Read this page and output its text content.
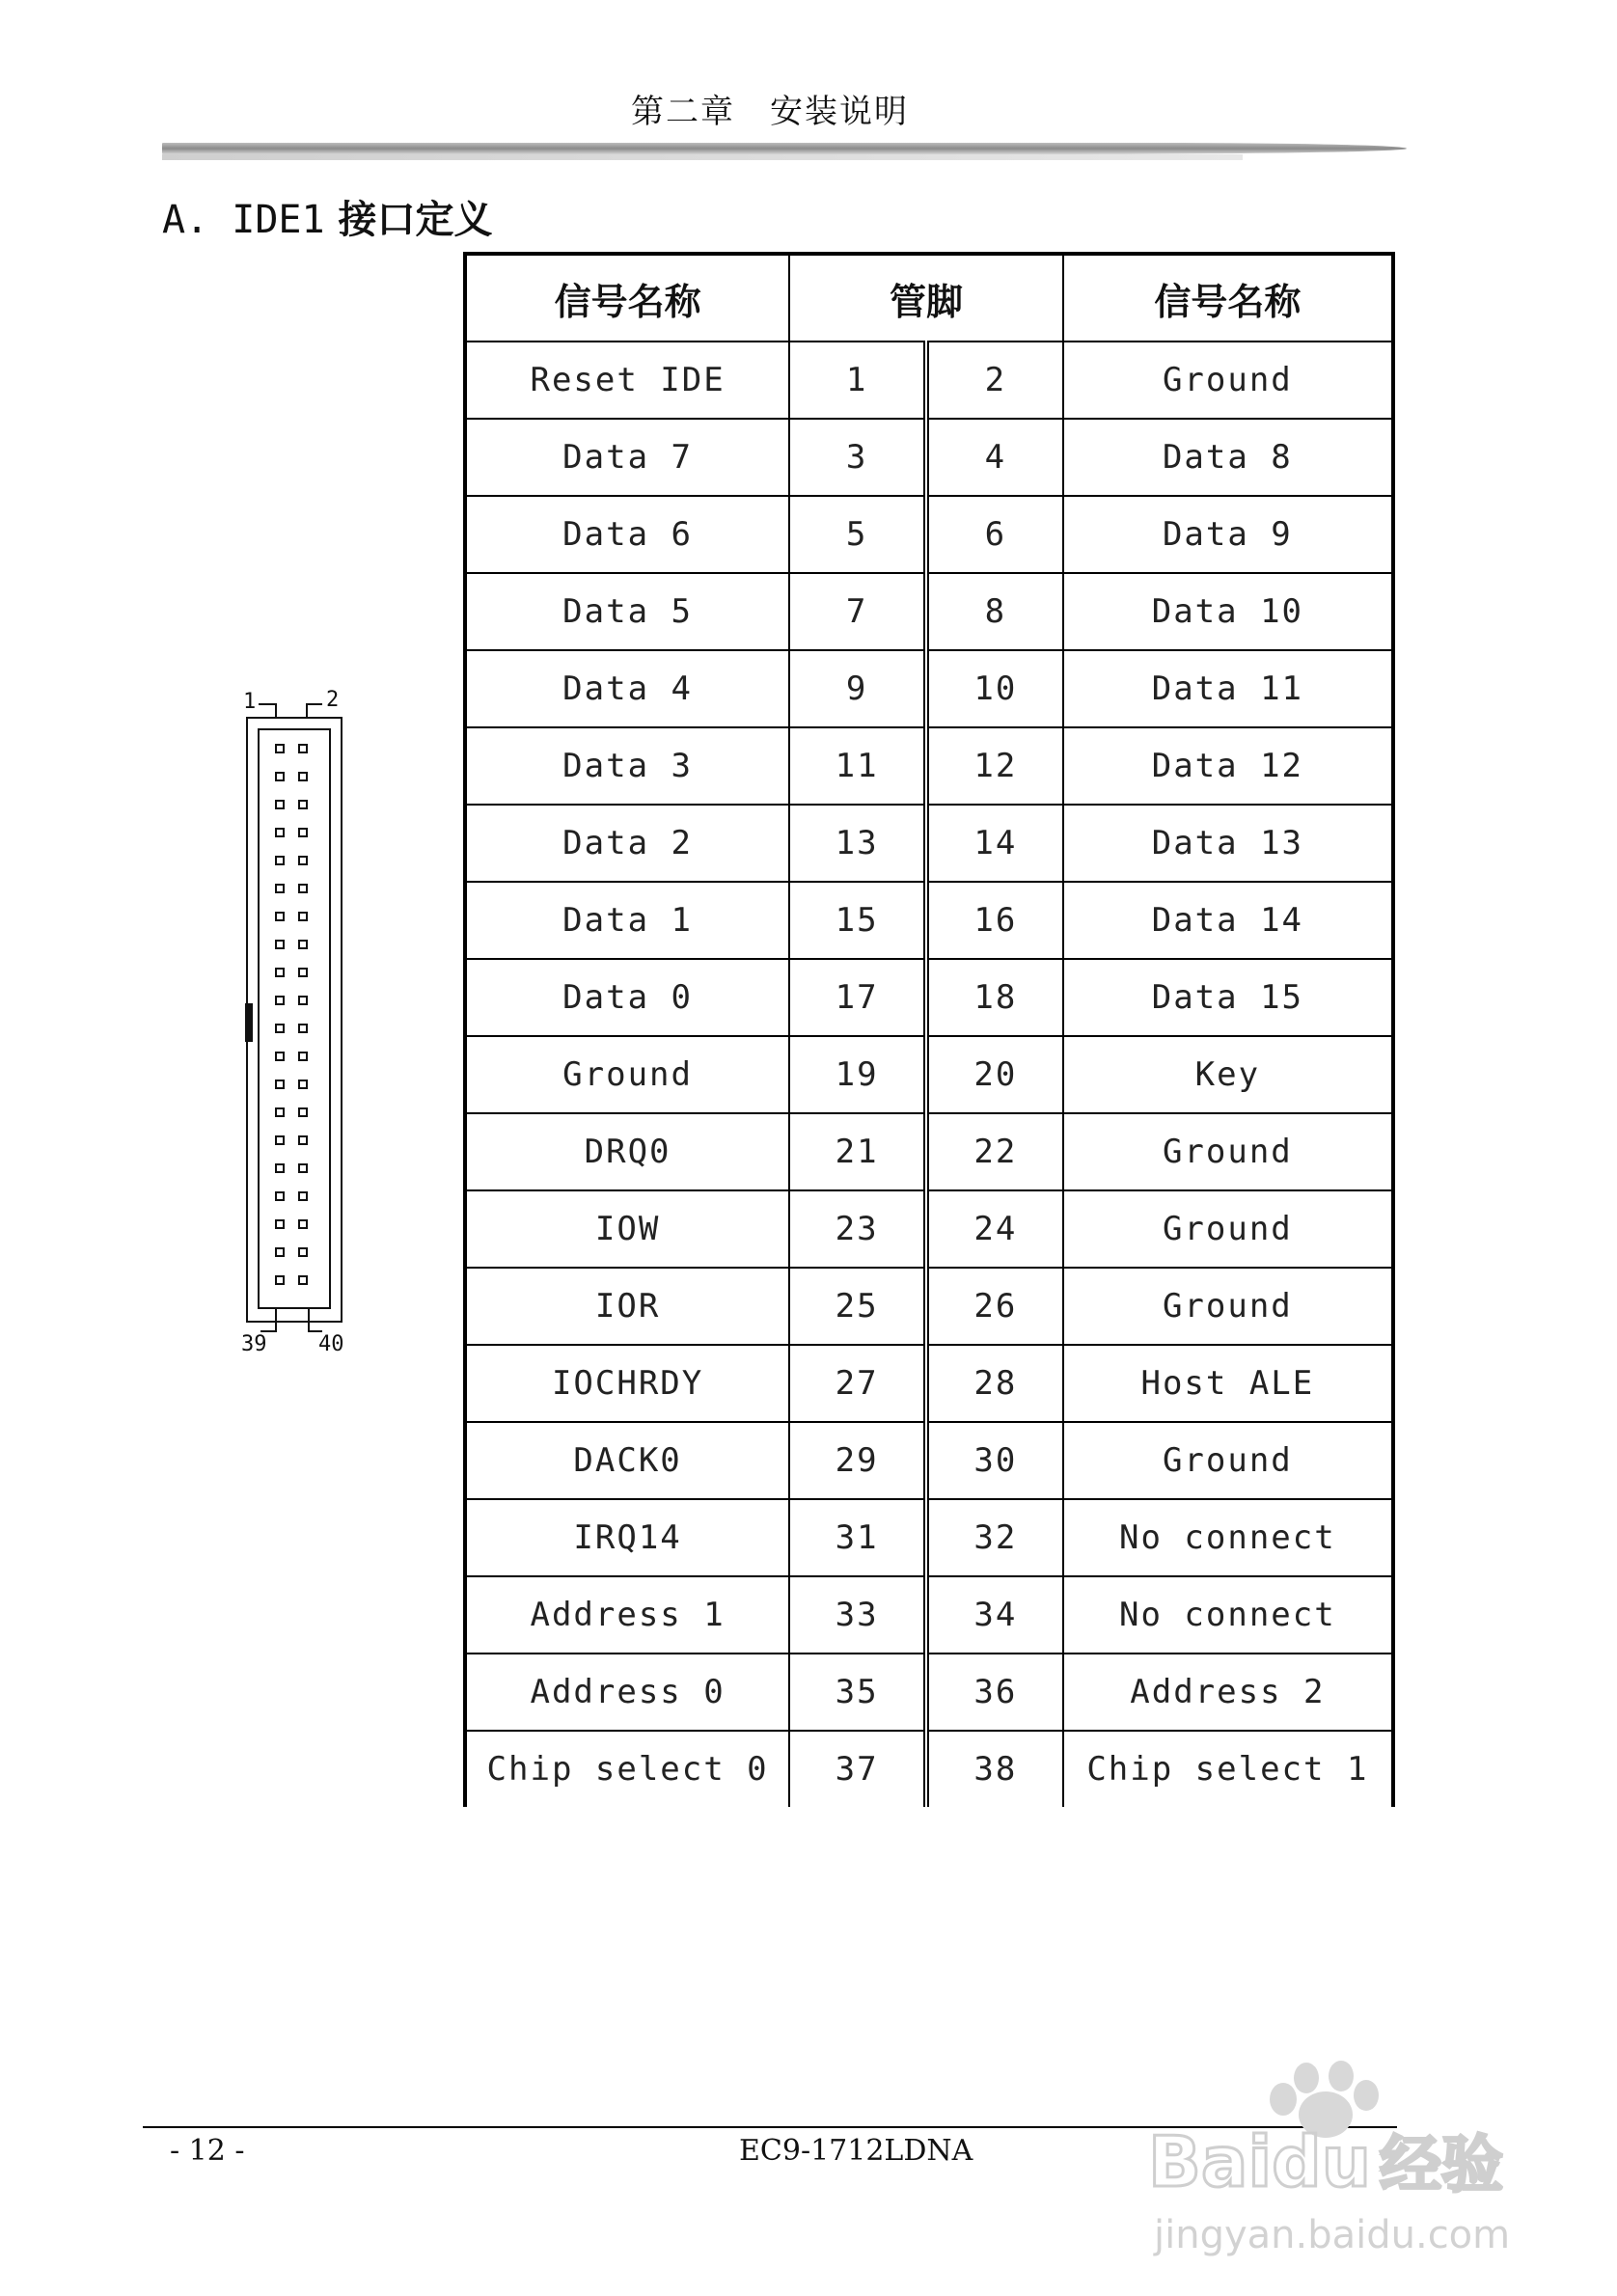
第二章　安装说明
A. IDE1 接口定义
1	2
39 40
信号名称	管脚		信号名称
Reset IDE	1	2	Ground
Data 7	3	4	Data 8
Data 6	5	6	Data 9
Data 5	7	8	Data 10
Data 4	9	10	Data 11
Data 3	11	12	Data 12
Data 2	13	14	Data 13
Data 1	15	16	Data 14
Data 0	17	18	Data 15
Ground	19	20	Key
DRQ0	21	22	Ground
IOW	23	24	Ground
IOR	25	26	Ground
IOCHRDY	27	28	Host ALE
DACK0	29	30	Ground
IRQ14	31	32	No connect
Address 1	33	34	No connect
Address 0	35	36	Address 2
Chip select 0	37	38	Chip select 1
- 12 -	EC9-1712LDNA	Baidu 经验
jingyan.baidu.com
